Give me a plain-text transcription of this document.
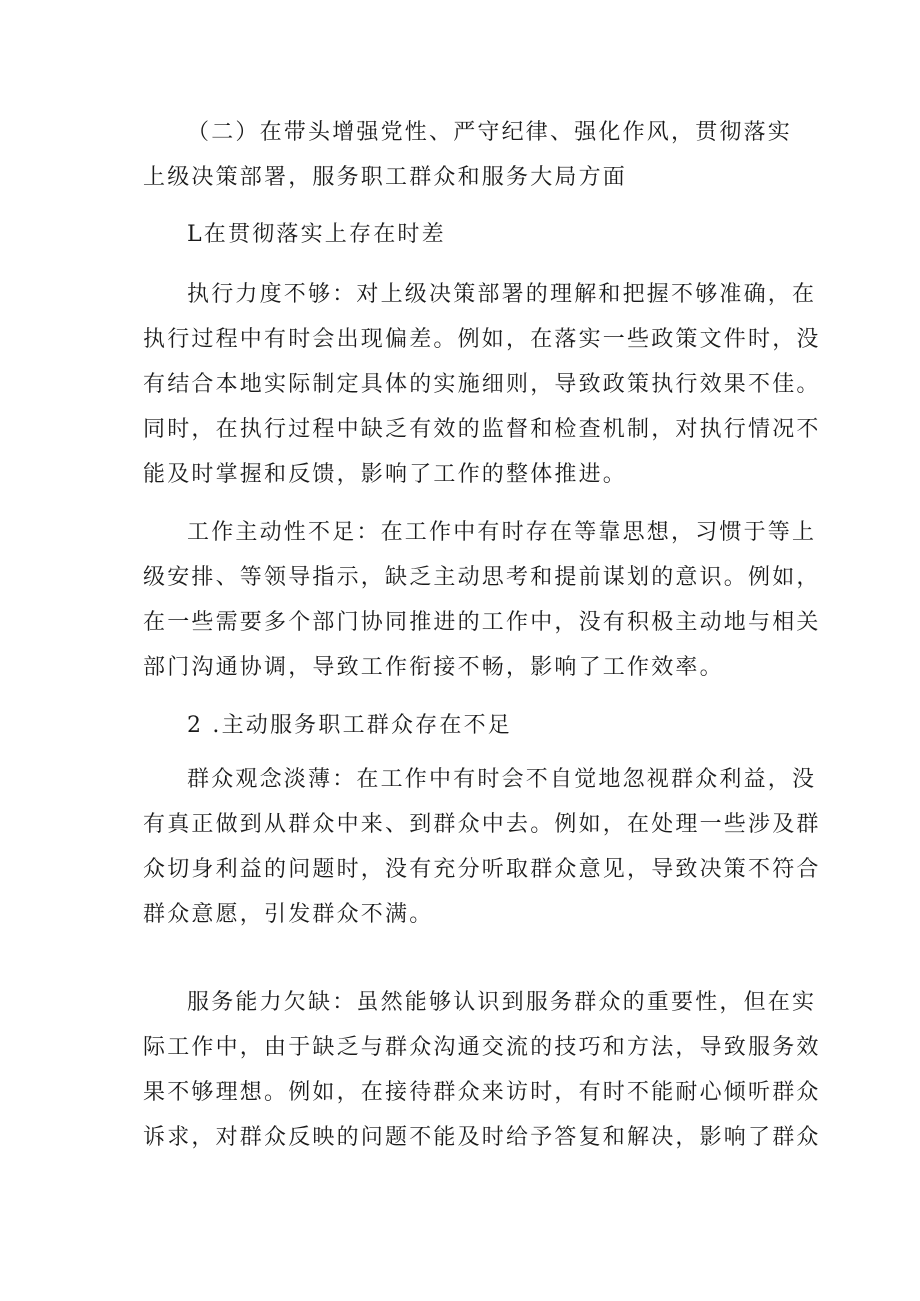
（二）在带头增强党性、严守纪律、强化作风，贯彻落实
上级决策部署，服务职工群众和服务大局方面
L在贯彻落实上存在时差
执行力度不够：对上级决策部署的理解和把握不够准确，在
执行过程中有时会出现偏差。例如，在落实一些政策文件时，没
有结合本地实际制定具体的实施细则，导致政策执行效果不佳。
同时，在执行过程中缺乏有效的监督和检查机制，对执行情况不
能及时掌握和反馈，影响了工作的整体推进。
工作主动性不足：在工作中有时存在等靠思想，习惯于等上
级安排、等领导指示，缺乏主动思考和提前谋划的意识。例如，
在一些需要多个部门协同推进的工作中，没有积极主动地与相关
部门沟通协调，导致工作衔接不畅，影响了工作效率。
2 .主动服务职工群众存在不足
群众观念淡薄：在工作中有时会不自觉地忽视群众利益，没
有真正做到从群众中来、到群众中去。例如，在处理一些涉及群
众切身利益的问题时，没有充分听取群众意见，导致决策不符合
群众意愿，引发群众不满。
服务能力欠缺：虽然能够认识到服务群众的重要性，但在实
际工作中，由于缺乏与群众沟通交流的技巧和方法，导致服务效
果不够理想。例如，在接待群众来访时，有时不能耐心倾听群众
诉求，对群众反映的问题不能及时给予答复和解决，影响了群众
